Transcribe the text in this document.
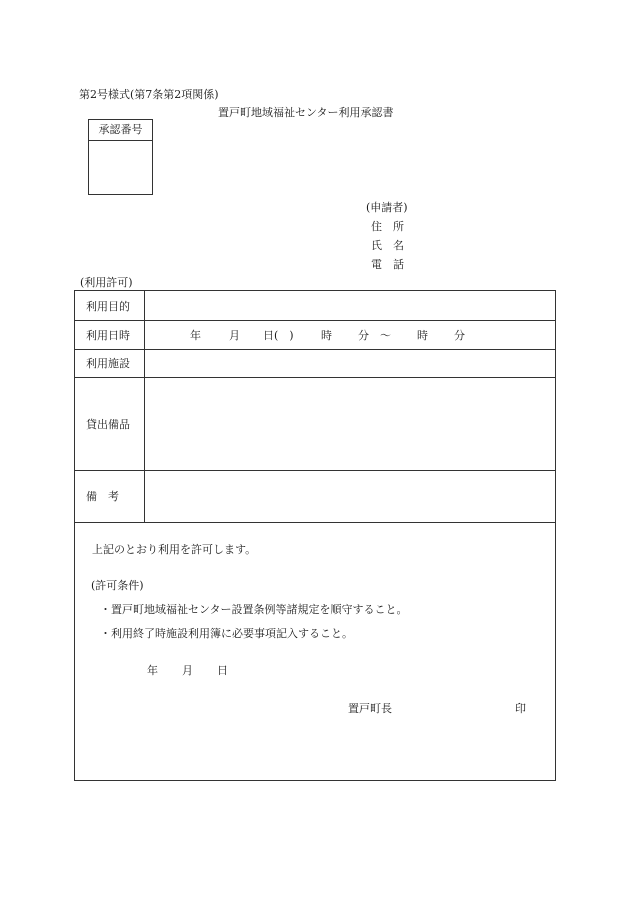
第2号様式(第7条第2項関係)
置戸町地域福祉センター利用承認書
承認番号
(申請者)
住　所
氏　名
電　話
(利用許可)
利用目的
利用日時	年	月 日(　) 時 分 〜 時 分
利用施設
貸出備品
備　考
上記のとおり利用を許可します。
(許可条件)
・置戸町地域福祉センター設置条例等諸規定を順守すること。
・利用終了時施設利用簿に必要事項記入すること。
年 月 日
置戸町長	印
